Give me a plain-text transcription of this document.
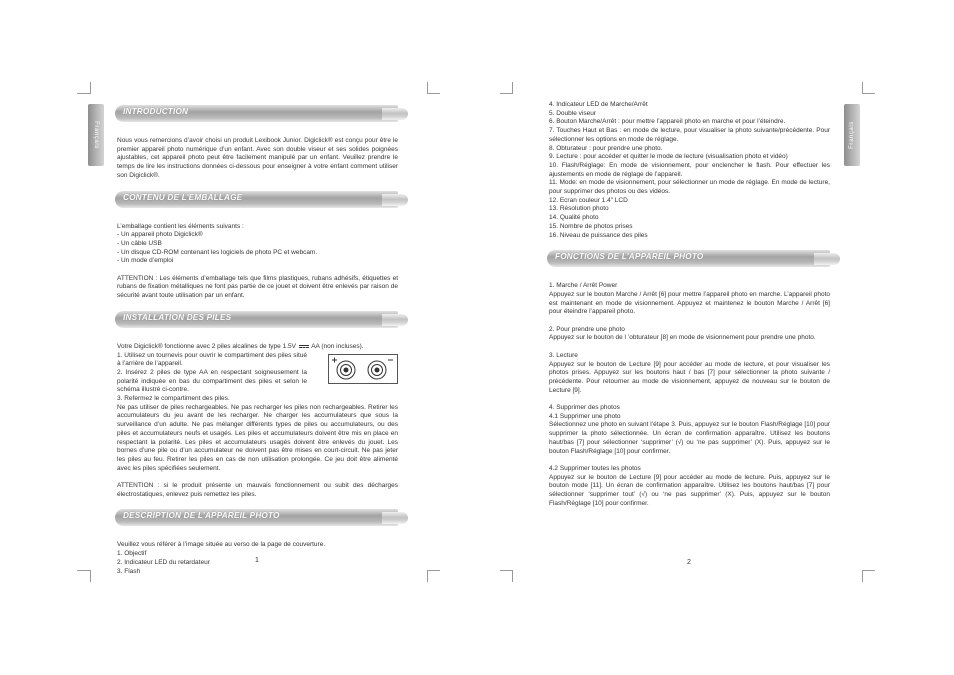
Français	Français
INTRODUCTION

Nous vous remercions d’avoir choisi un produit Lexibook Junior. Digiclick® est conçu pour être le premier appareil photo numérique d’un enfant. Avec son double viseur et ses solides poignées ajustables, cet appareil photo peut être facilement manipulé par un enfant. Veuillez prendre le temps de lire les instructions données ci-dessous pour enseigner à votre enfant comment utiliser son Digiclick®.

CONTENU DE L’EMBALLAGE

L’emballage contient les éléments suivants :

- Un appareil photo Digiclick®

- Un câble USB

- Un disque CD-ROM contenant les logiciels de photo PC et webcam.

- Un mode d’emploi

ATTENTION : Les éléments d’emballage tels que films plastiques, rubans adhésifs, étiquettes et rubans de fixation métalliques ne font pas partie de ce jouet et doivent être enlevés par raison de sécurité avant toute utilisation par un enfant.

INSTALLATION DES PILES

Votre Digiclick® fonctionne avec 2 piles alcalines de type 1.5V AA (non incluses).

1. Utilisez un tournevis pour ouvrir le compartiment des piles situé à l’arrière de l’appareil.

2. Insérez 2 piles de type AA en respectant soigneusement la polarité indiquée en bas du compartiment des piles et selon le schéma illustré ci-contre.

3. Refermez le compartiment des piles.

Ne pas utiliser de piles rechargeables. Ne pas recharger les piles non rechargeables. Retirer les accumulateurs du jeu avant de les recharger. Ne charger les accumulateurs que sous la surveillance d’un adulte. Ne pas mélanger différents types de piles ou accumulateurs, ou des piles et accumulateurs neufs et usagés. Les piles et accumulateurs doivent être mis en place en respectant la polarité. Les piles et accumulateurs usagés doivent être enlevés du jouet. Les bornes d’une pile ou d’un accumulateur ne doivent pas être mises en court-circuit. Ne pas jeter les piles au feu. Retirer les piles en cas de non utilisation prolongée. Ce jeu doit être alimenté avec les piles spécifiées seulement.

ATTENTION : si le produit présente un mauvais fonctionnement ou subit des décharges électrostatiques, enlevez puis remettez les piles.

DESCRIPTION DE L’APPAREIL PHOTO

Veuillez vous référer à l’image située au verso de la page de couverture.

1. Objectif

2. Indicateur LED du retardateur

3. Flash

1

4. Indicateur LED de Marche/Arrêt

5. Double viseur

6. Bouton Marche/Arrêt : pour mettre l’appareil photo en marche et pour l’éteindre.

7. Touches Haut et Bas : en mode de lecture, pour visualiser la photo suivante/précédente. Pour sélectionner les options en mode de réglage.

8. Obturateur : pour prendre une photo.

9. Lecture : pour accéder et quitter le mode de lecture (visualisation photo et vidéo)

10. Flash/Réglage: En mode de visionnement, pour enclencher le flash. Pour effectuer les ajustements en mode de réglage de l’appareil.

11. Mode: en mode de visionnement, pour sélectionner un mode de réglage. En mode de lecture, pour supprimer des photos ou des vidéos.

12. Ecran couleur 1.4” LCD

13. Résolution photo

14. Qualité photo

15. Nombre de photos prises

16. Niveau de puissance des piles

FONCTIONS DE L’APPAREIL PHOTO

1. Marche / Arrêt Power

Appuyez sur le bouton Marche / Arrêt [6] pour mettre l’appareil photo en marche. L’appareil photo est maintenant en mode de visionnement. Appuyez et maintenez le bouton Marche / Arrêt [6] pour éteindre l’appareil photo.

2. Pour prendre une photo

Appuyez sur le bouton de l ’obturateur [8] en mode de visionnement pour prendre une photo.

3. Lecture

Appuyez sur le bouton de Lecture [9] pour accéder au mode de lecture, et pour visualiser les photos prises. Appuyez sur les boutons haut / bas [7] pour sélectionner la photo suivante / précédente. Pour retourner au mode de visionnement, appuyez de nouveau sur le bouton de Lecture [9].

4. Supprimer des photos

4.1 Supprimer une photo

Sélectionnez une photo en suivant l’étape 3. Puis, appuyez sur le bouton Flash/Réglage [10] pour supprimer la photo sélectionnée. Un écran de confirmation apparaître. Utilisez les boutons haut/bas [7] pour sélectionner ‘supprimer’ (√) ou ‘ne pas supprimer’ (X). Puis, appuyez sur le bouton Flash/Réglage [10] pour confirmer.

4.2 Supprimer toutes les photos

Appuyez sur le bouton de Lecture [9] pour accéder au mode de lecture. Puis, appuyez sur le bouton mode [11]. Un écran de confirmation apparaître. Utilisez les boutons haut/bas [7] pour sélectionner ‘supprimer tout’ (√) ou ‘ne pas supprimer’ (X). Puis, appuyez sur le bouton Flash/Réglage [10] pour confirmer.

2
